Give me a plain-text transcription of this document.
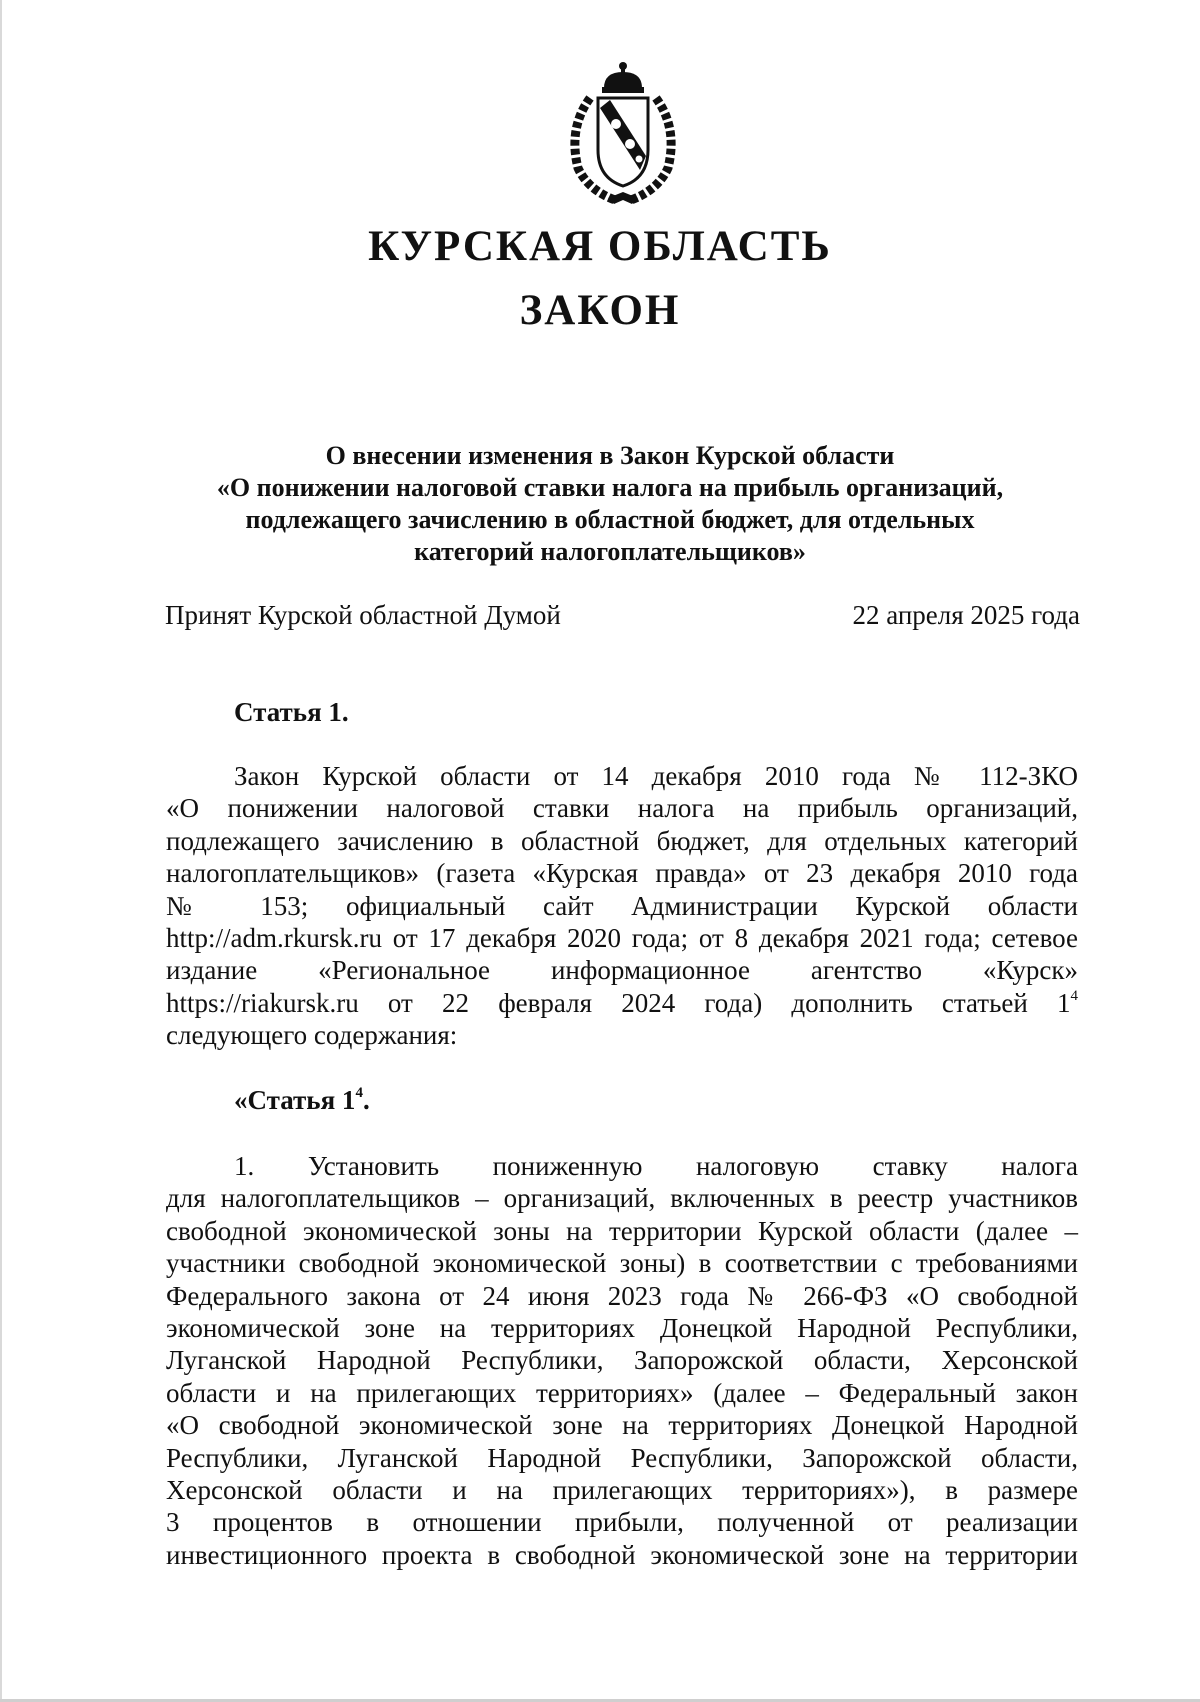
КУРСКАЯ ОБЛАСТЬ
ЗАКОН
О внесении изменения в Закон Курской области
«О понижении налоговой ставки налога на прибыль организаций,
подлежащего зачислению в областной бюджет, для отдельных
категорий налогоплательщиков»
Принят Курской областной Думой	22 апреля 2025 года
Статья 1.
Закон Курской области от 14 декабря 2010 года № 112-ЗКО
«О понижении налоговой ставки налога на прибыль организаций,
подлежащего зачислению в областной бюджет, для отдельных категорий
налогоплательщиков» (газета «Курская правда» от 23 декабря 2010 года
№ 153; официальный сайт Администрации Курской области
http://adm.rkursk.ru от 17 декабря 2020 года; от 8 декабря 2021 года; сетевое
издание «Региональное информационное агентство «Курск»
https://riakursk.ru от 22 февраля 2024 года) дополнить статьей $1^4$
следующего содержания:
«Статья $1^4$.
1. Установить пониженную налоговую ставку налога
для налогоплательщиков – организаций, включенных в реестр участников
свободной экономической зоны на территории Курской области (далее –
участники свободной экономической зоны) в соответствии с требованиями
Федерального закона от 24 июня 2023 года № 266-ФЗ «О свободной
экономической зоне на территориях Донецкой Народной Республики,
Луганской Народной Республики, Запорожской области, Херсонской
области и на прилегающих территориях» (далее – Федеральный закон
«О свободной экономической зоне на территориях Донецкой Народной
Республики, Луганской Народной Республики, Запорожской области,
Херсонской области и на прилегающих территориях»), в размере
3 процентов в отношении прибыли, полученной от реализации
инвестиционного проекта в свободной экономической зоне на территории
